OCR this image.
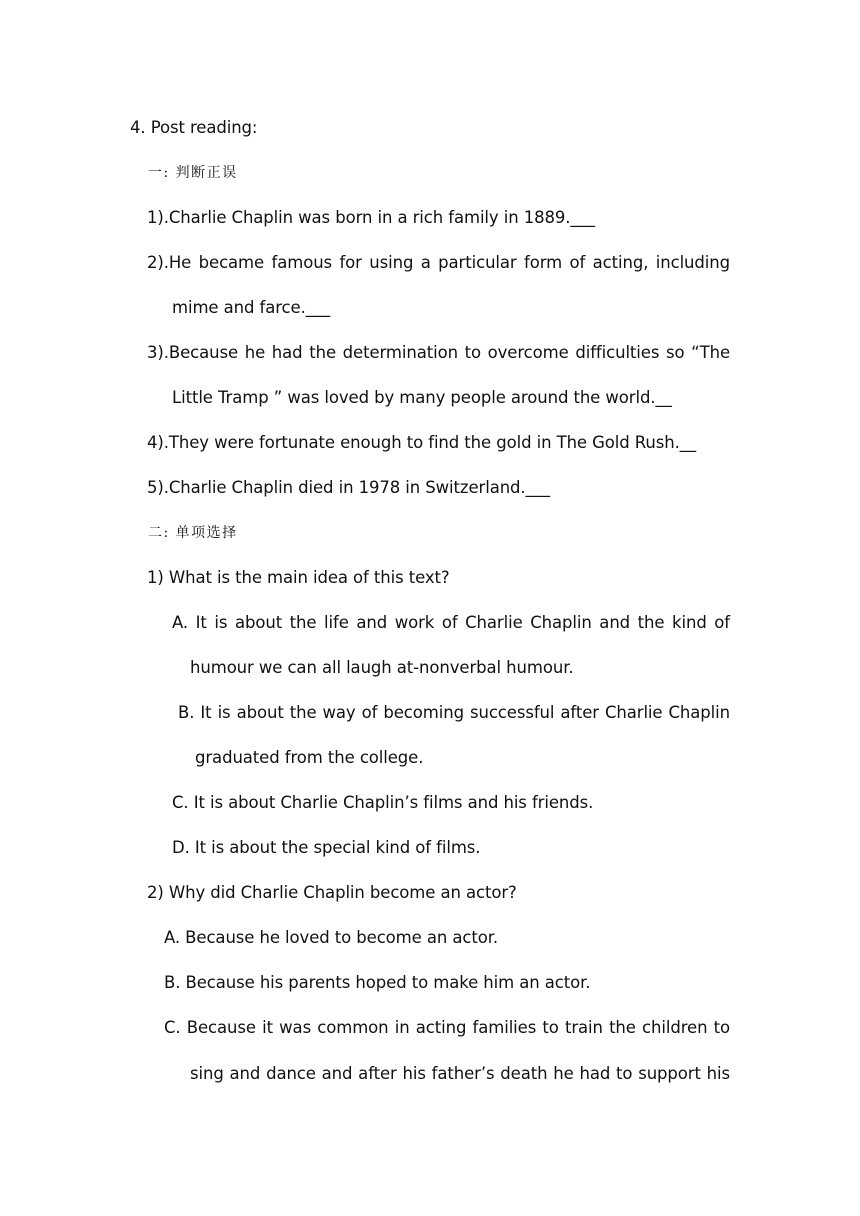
4. Post reading:
一: 判断正误
1).Charlie Chaplin was born in a rich family in 1889.___
2).He became famous for using a particular form of acting, including
mime and farce.___
3).Because he had the determination to overcome difficulties so “The
Little Tramp ” was loved by many people around the world.__
4).They were fortunate enough to find the gold in The Gold Rush.__
5).Charlie Chaplin died in 1978 in Switzerland.___
二: 单项选择
1) What is the main idea of this text?
A. It is about the life and work of Charlie Chaplin and the kind of
humour we can all laugh at-nonverbal humour.
B. It is about the way of becoming successful after Charlie Chaplin
graduated from the college.
C. It is about Charlie Chaplin’s films and his friends.
D. It is about the special kind of films.
2) Why did Charlie Chaplin become an actor?
A. Because he loved to become an actor.
B. Because his parents hoped to make him an actor.
C. Because it was common in acting families to train the children to
sing and dance and after his father’s death he had to support his
